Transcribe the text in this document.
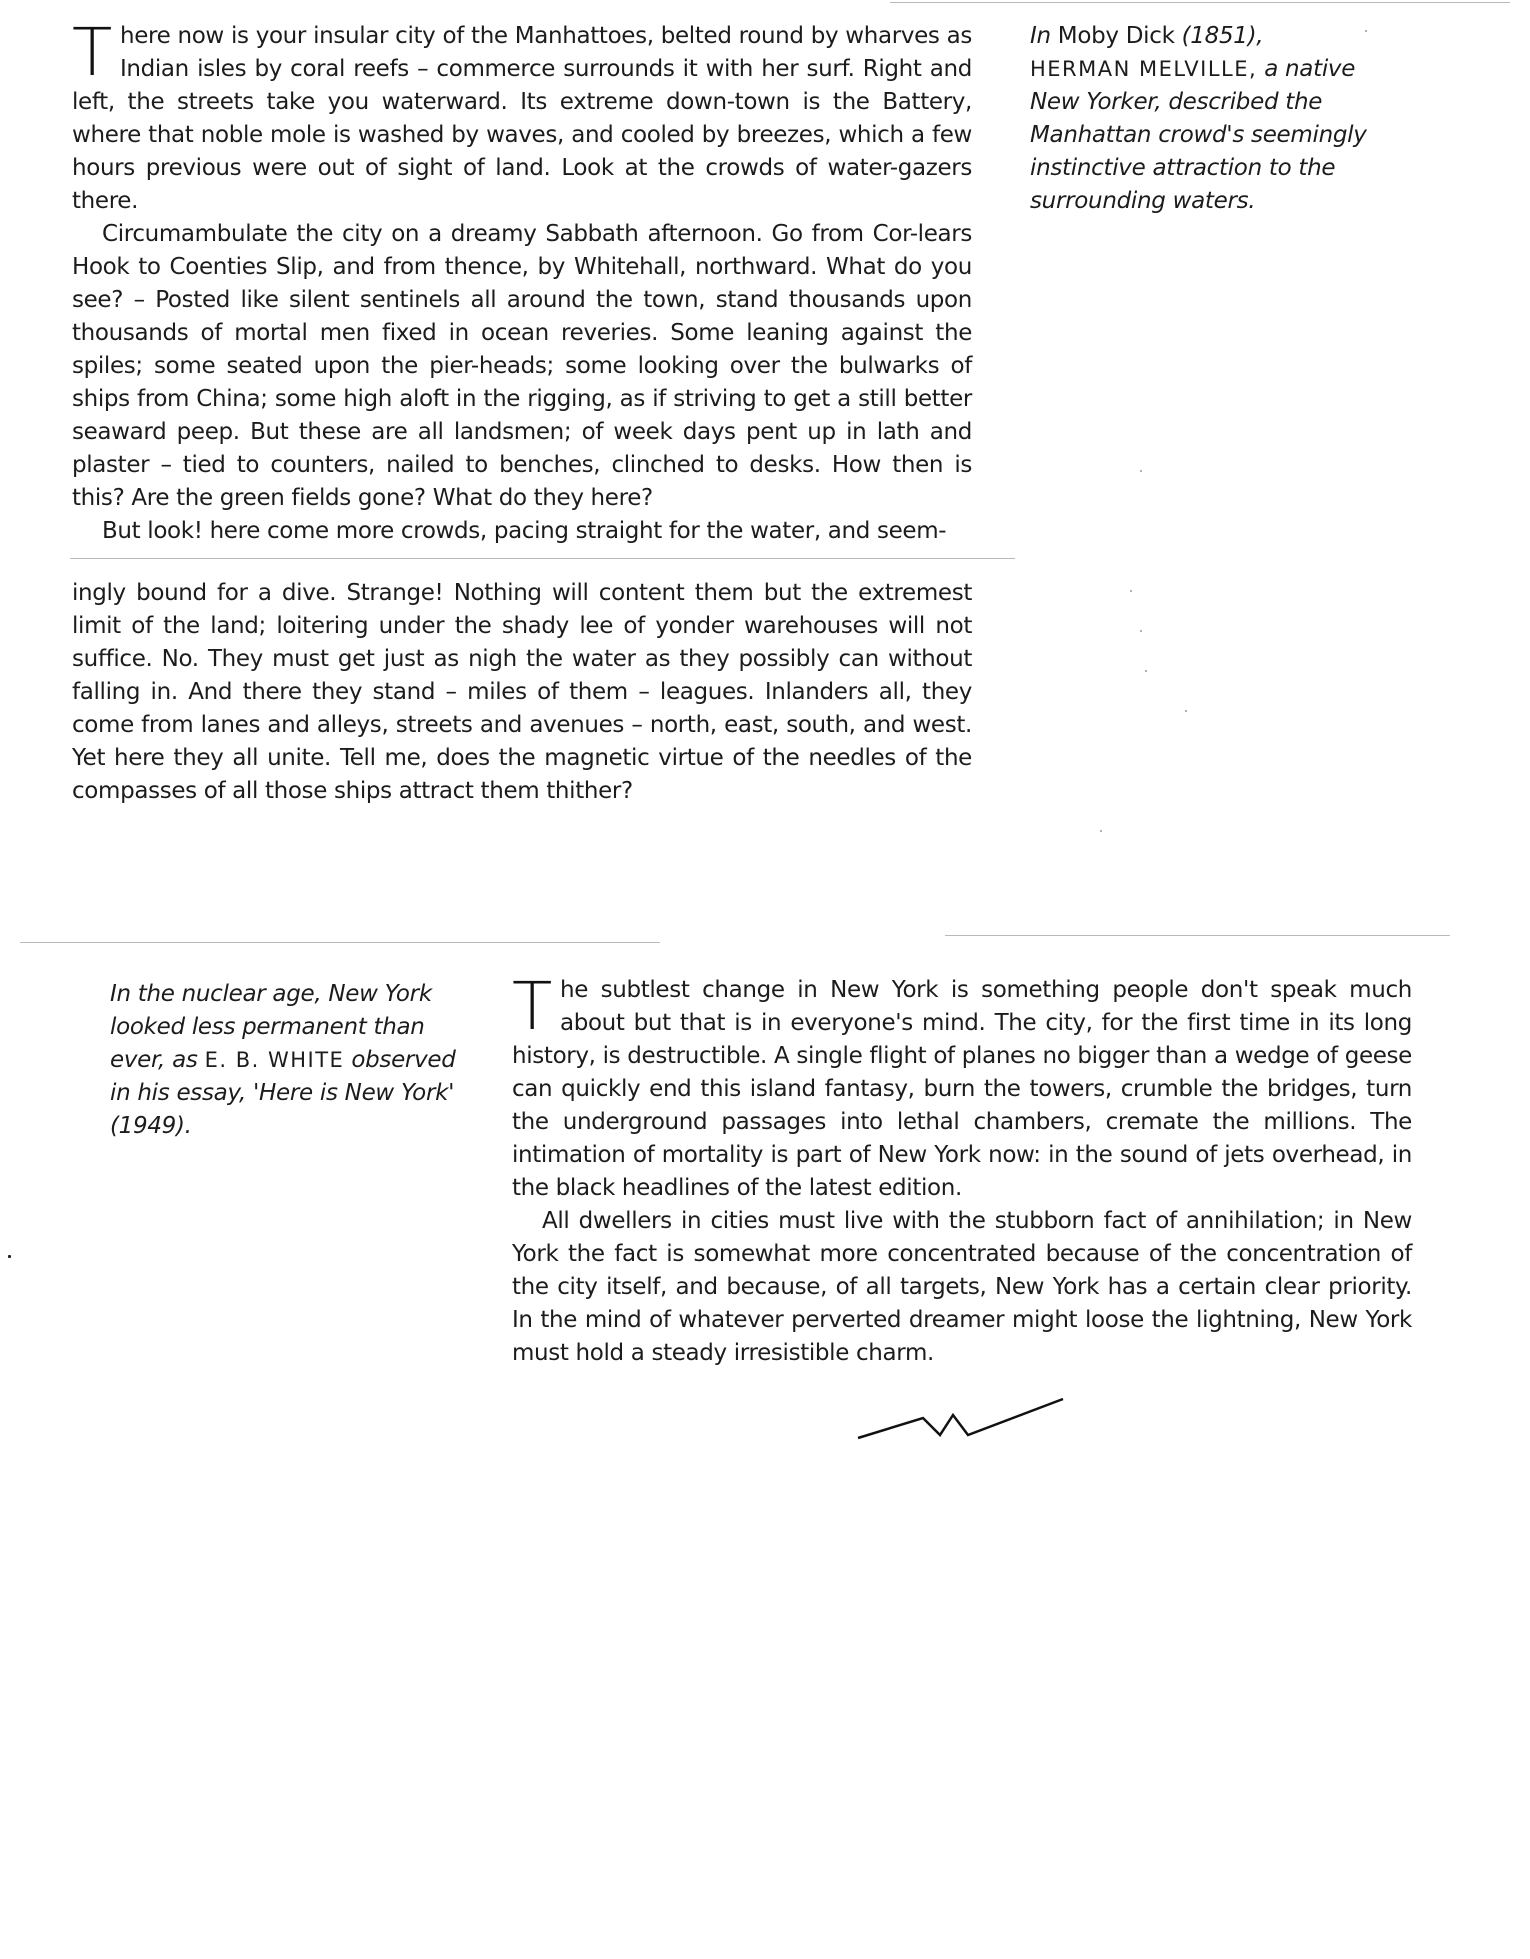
There now is your insular city of the Manhattoes, belted round by wharves as Indian isles by coral reefs – commerce surrounds it with her surf. Right and left, the streets take you waterward. Its extreme down-town is the Battery, where that noble mole is washed by waves, and cooled by breezes, which a few hours previous were out of sight of land. Look at the crowds of water-gazers there.

Circumambulate the city on a dreamy Sabbath afternoon. Go from Cor-lears Hook to Coenties Slip, and from thence, by Whitehall, northward. What do you see? – Posted like silent sentinels all around the town, stand thousands upon thousands of mortal men fixed in ocean reveries. Some leaning against the spiles; some seated upon the pier-heads; some looking over the bulwarks of ships from China; some high aloft in the rigging, as if striving to get a still better seaward peep. But these are all landsmen; of week days pent up in lath and plaster – tied to counters, nailed to benches, clinched to desks. How then is this? Are the green fields gone? What do they here?

But look! here come more crowds, pacing straight for the water, and seem-

ingly bound for a dive. Strange! Nothing will content them but the extremest limit of the land; loitering under the shady lee of yonder warehouses will not suffice. No. They must get just as nigh the water as they possibly can without falling in. And there they stand – miles of them – leagues. Inlanders all, they come from lanes and alleys, streets and avenues – north, east, south, and west. Yet here they all unite. Tell me, does the magnetic virtue of the needles of the compasses of all those ships attract them thither?

In Moby Dick (1851),
HERMAN MELVILLE, a native New Yorker, described the Manhattan crowd's seemingly instinctive attraction to the surrounding waters.
In the nuclear age, New York looked less permanent than ever, as E. B. WHITE observed in his essay, 'Here is New York' (1949).

The subtlest change in New York is something people don't speak much about but that is in everyone's mind. The city, for the first time in its long history, is destructible. A single flight of planes no bigger than a wedge of geese can quickly end this island fantasy, burn the towers, crumble the bridges, turn the underground passages into lethal chambers, cremate the millions. The intimation of mortality is part of New York now: in the sound of jets overhead, in the black headlines of the latest edition.

All dwellers in cities must live with the stubborn fact of annihilation; in New York the fact is somewhat more concentrated because of the concentration of the city itself, and because, of all targets, New York has a certain clear priority. In the mind of whatever perverted dreamer might loose the lightning, New York must hold a steady irresistible charm.
